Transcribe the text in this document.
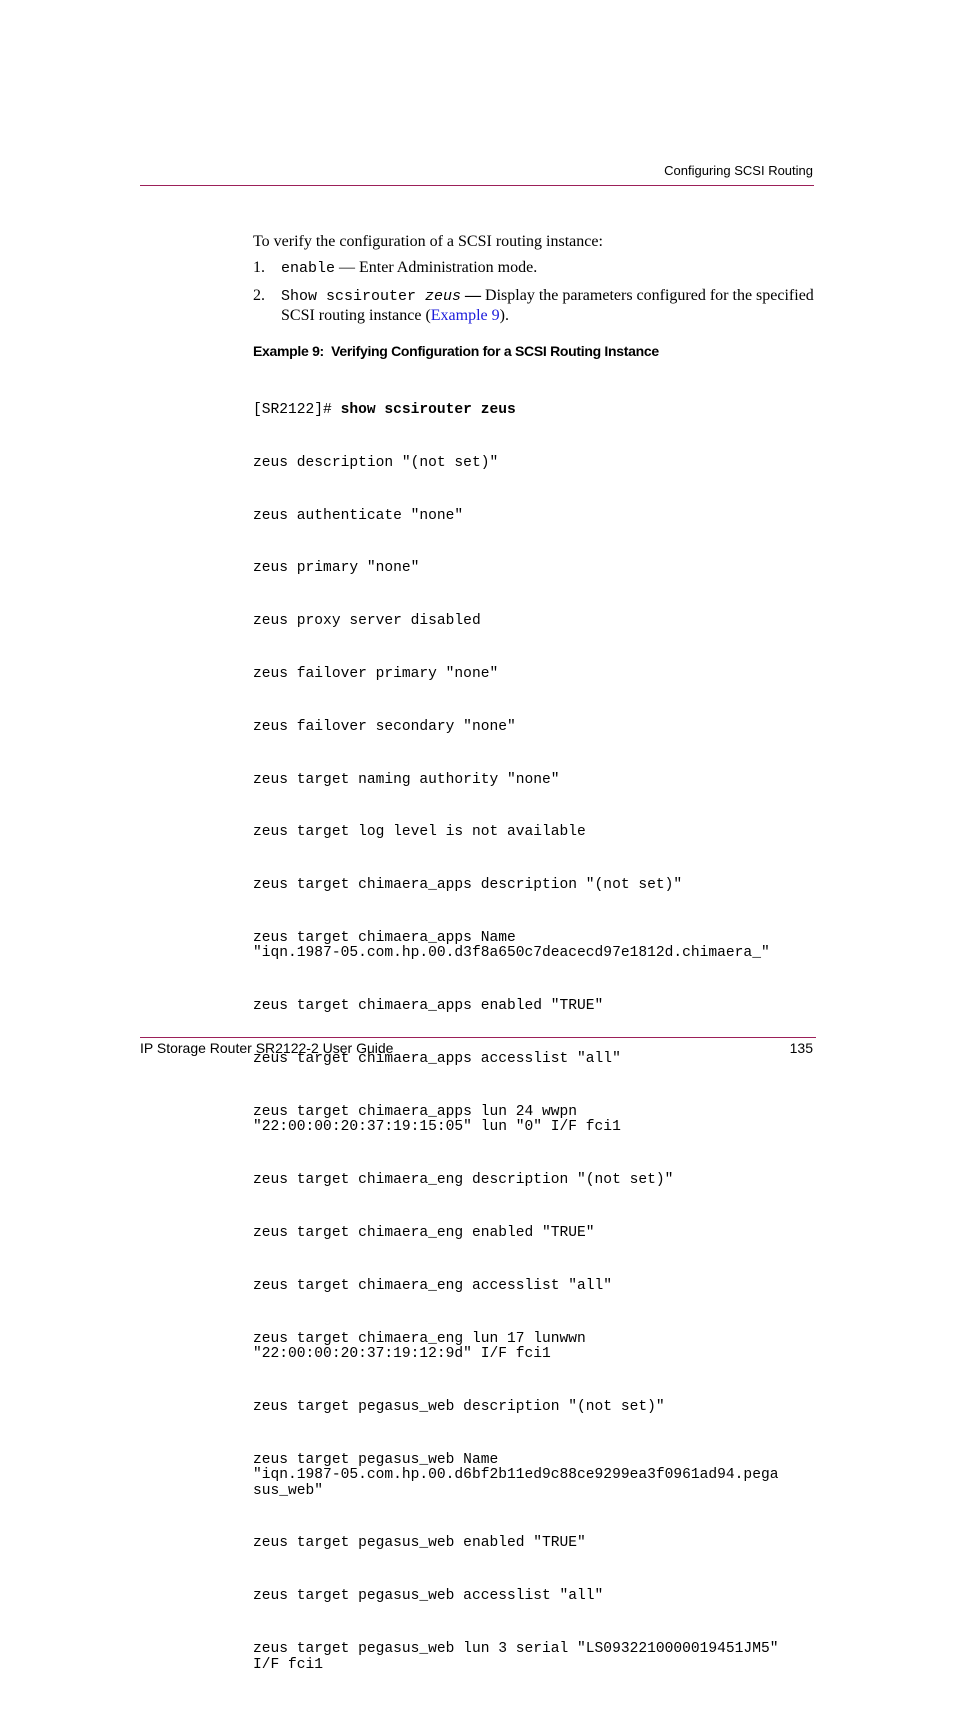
Configuring SCSI Routing

To verify the configuration of a SCSI routing instance:

1. enable — Enter Administration mode.
2. Show scsirouter zeus — Display the parameters configured for the specified SCSI routing instance (Example 9).
Example 9:  Verifying Configuration for a SCSI Routing Instance

[SR2122]# show scsirouter zeus

zeus description "(not set)"

zeus authenticate "none"

zeus primary "none"

zeus proxy server disabled

zeus failover primary "none"

zeus failover secondary "none"

zeus target naming authority "none"

zeus target log level is not available

zeus target chimaera_apps description "(not set)"

zeus target chimaera_apps Name
"iqn.1987-05.com.hp.00.d3f8a650c7deacecd97e1812d.chimaera_"

zeus target chimaera_apps enabled "TRUE"

zeus target chimaera_apps accesslist "all"

zeus target chimaera_apps lun 24 wwpn
"22:00:00:20:37:19:15:05" lun "0" I/F fci1

zeus target chimaera_eng description "(not set)"

zeus target chimaera_eng enabled "TRUE"

zeus target chimaera_eng accesslist "all"

zeus target chimaera_eng lun 17 lunwwn
"22:00:00:20:37:19:12:9d" I/F fci1

zeus target pegasus_web description "(not set)"

zeus target pegasus_web Name
"iqn.1987-05.com.hp.00.d6bf2b11ed9c88ce9299ea3f0961ad94.pega
sus_web"

zeus target pegasus_web enabled "TRUE"

zeus target pegasus_web accesslist "all"

zeus target pegasus_web lun 3 serial "LS0932210000019451JM5"
I/F fci1

IP Storage Router SR2122-2 User Guide	135
